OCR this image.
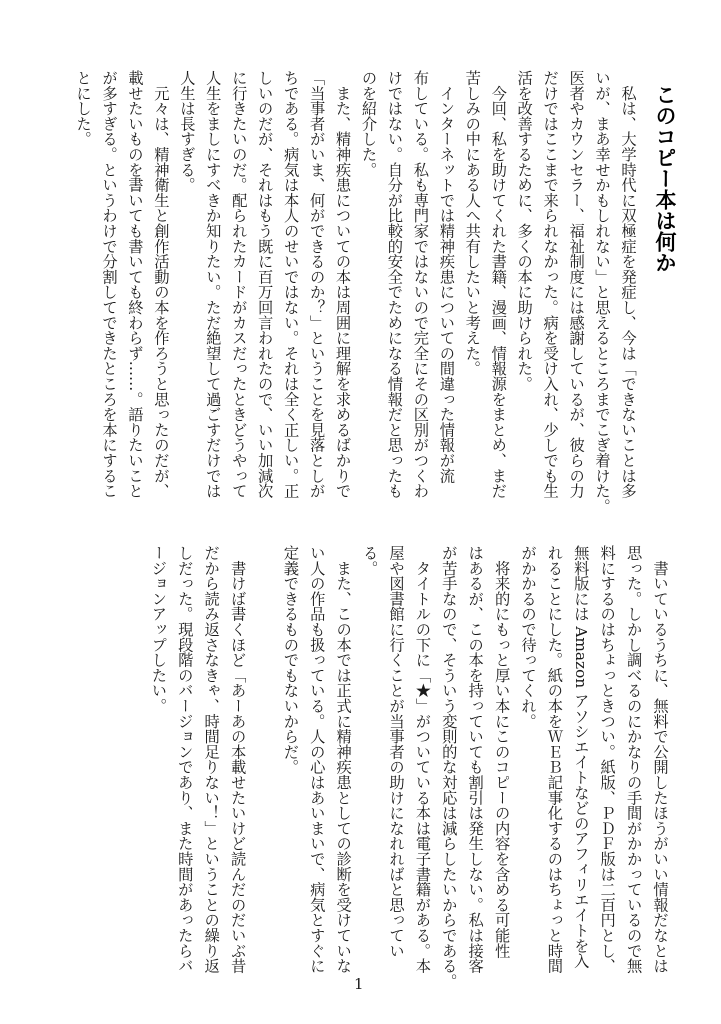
このコピー本は何か
　私は、大学時代に双極症を発症し、今は「できないことは多
いが、まあ幸せかもしれない」と思えるところまでこぎ着けた。
医者やカウンセラー、福祉制度には感謝しているが、彼らの力
だけではここまで来られなかった。病を受け入れ、少しでも生
活を改善するために、多くの本に助けられた。
　今回、私を助けてくれた書籍、漫画、情報源をまとめ、まだ
苦しみの中にある人へ共有したいと考えた。
　インターネットでは精神疾患についての間違った情報が流
布している。私も専門家ではないので完全にその区別がつくわ
けではない。自分が比較的安全でためになる情報だと思ったも
のを紹介した。
　また、精神疾患についての本は周囲に理解を求めるばかりで
「当事者がいま、何ができるのか？」ということを見落としが
ちである。病気は本人のせいではない。それは全く正しい。正
しいのだが、それはもう既に百万回言われたので、いい加減次
に行きたいのだ。配られたカードがカスだったときどうやって
人生をましにすべきか知りたい。ただ絶望して過ごすだけでは
人生は長すぎる。
　元々は、精神衛生と創作活動の本を作ろうと思ったのだが、
載せたいものを書いても書いても終わらず……。語りたいこと
が多すぎる。というわけで分割してできたところを本にするこ
とにした。
　書いているうちに、無料で公開したほうがいい情報だなとは
思った。しかし調べるのにかなりの手間がかかっているので無
料にするのはちょっときつい。紙版、ＰＤＦ版は二百円とし、
無料版には Amazon アソシエイトなどのアフィリエイトを入
れることにした。紙の本をＷＥＢ記事化するのはちょっと時間
がかかるので待ってくれ。
　将来的にもっと厚い本にこのコピーの内容を含める可能性
はあるが、この本を持っていても割引は発生しない。私は接客
が苦手なので、そういう変則的な対応は減らしたいからである。
　タイトルの下に「★」がついている本は電子書籍がある。本
屋や図書館に行くことが当事者の助けになれればと思ってい
る。
　また、この本では正式に精神疾患としての診断を受けていな
い人の作品も扱っている。人の心はあいまいで、病気とすぐに
定義できるものでもないからだ。
　書けば書くほど「あーあの本載せたいけど読んだのだいぶ昔
だから読み返さなきゃ、時間足りない！」ということの繰り返
しだった。現段階のバージョンであり、また時間があったらバ
ージョンアップしたい。
1
